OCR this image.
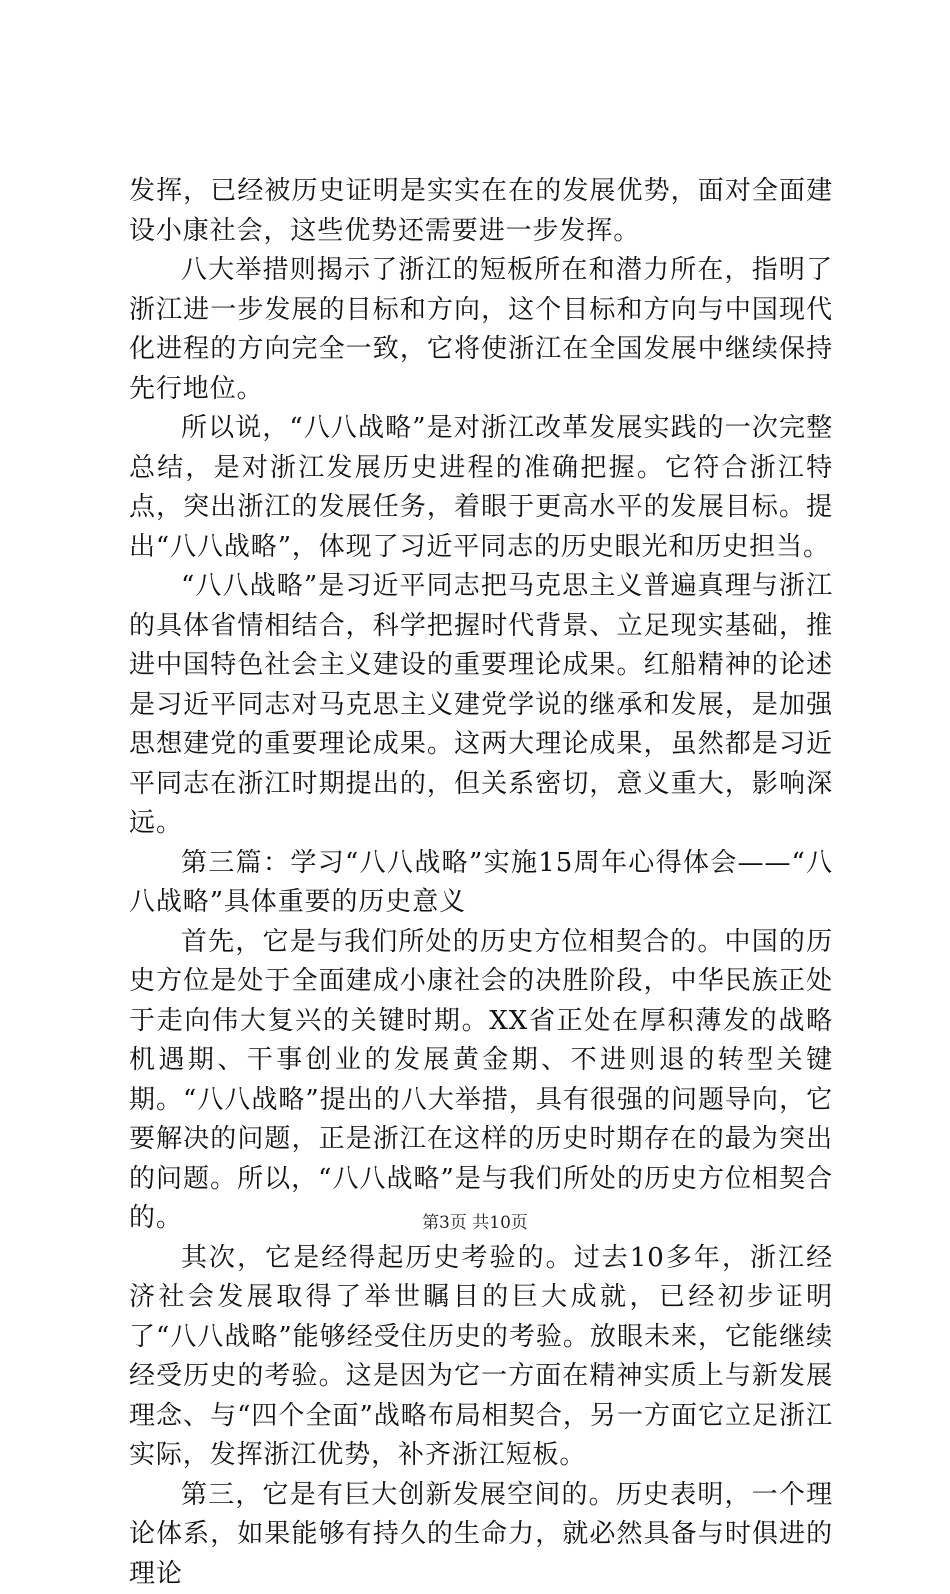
发挥，已经被历史证明是实实在在的发展优势，面对全面建设小康社会，这些优势还需要进一步发挥。

八大举措则揭示了浙江的短板所在和潜力所在，指明了浙江进一步发展的目标和方向，这个目标和方向与中国现代化进程的方向完全一致，它将使浙江在全国发展中继续保持先行地位。

所以说，“八八战略”是对浙江改革发展实践的一次完整总结，是对浙江发展历史进程的准确把握。它符合浙江特点，突出浙江的发展任务，着眼于更高水平的发展目标。提出“八八战略”，体现了习近平同志的历史眼光和历史担当。

“八八战略”是习近平同志把马克思主义普遍真理与浙江的具体省情相结合，科学把握时代背景、立足现实基础，推进中国特色社会主义建设的重要理论成果。红船精神的论述是习近平同志对马克思主义建党学说的继承和发展，是加强思想建党的重要理论成果。这两大理论成果，虽然都是习近平同志在浙江时期提出的，但关系密切，意义重大，影响深远。

第三篇：学习“八八战略”实施15周年心得体会——“八八战略”具体重要的历史意义

首先，它是与我们所处的历史方位相契合的。中国的历史方位是处于全面建成小康社会的决胜阶段，中华民族正处于走向伟大复兴的关键时期。XX省正处在厚积薄发的战略机遇期、干事创业的发展黄金期、不进则退的转型关键期。“八八战略”提出的八大举措，具有很强的问题导向，它要解决的问题，正是浙江在这样的历史时期存在的最为突出的问题。所以，“八八战略”是与我们所处的历史方位相契合的。

其次，它是经得起历史考验的。过去10多年，浙江经济社会发展取得了举世瞩目的巨大成就，已经初步证明了“八八战略”能够经受住历史的考验。放眼未来，它能继续经受历史的考验。这是因为它一方面在精神实质上与新发展理念、与“四个全面”战略布局相契合，另一方面它立足浙江实际，发挥浙江优势，补齐浙江短板。

第三，它是有巨大创新发展空间的。历史表明，一个理论体系，如果能够有持久的生命力，就必然具备与时俱进的理论

第3页 共10页
